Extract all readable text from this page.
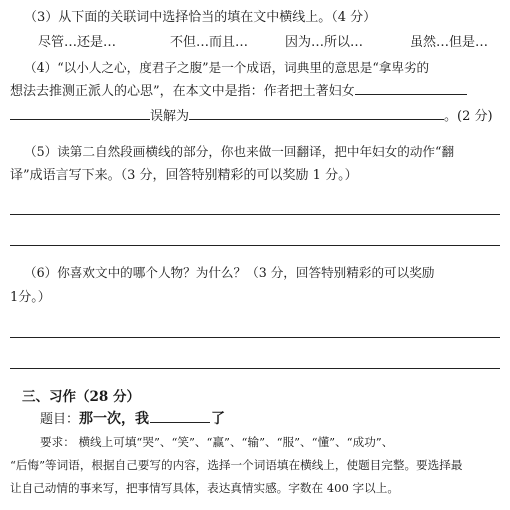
（3）从下面的关联词中选择恰当的填在文中横线上。（4 分）
尽管…还是…	不但…而且…	因为…所以…	虽然…但是…
（4）“以小人之心，度君子之腹”是一个成语，词典里的意思是“拿卑劣的
想法去推测正派人的心思”，在本文中是指：作者把土著妇女
误解为	。(2 分)
（5）读第二自然段画横线的部分，你也来做一回翻译，把中年妇女的动作“翻
译”成语言写下来。（3 分，回答特别精彩的可以奖励 1 分。）
（6）你喜欢文中的哪个人物？为什么？（3 分，回答特别精彩的可以奖励
1分。）
三、习作（28 分）
题目：那一次，我	了
要求： 横线上可填“哭”、“笑”、“赢”、“输”、“服”、“懂”、“成功”、
“后悔”等词语，根据自己要写的内容，选择一个词语填在横线上，使题目完整。要选择最
让自己动情的事来写，把事情写具体，表达真情实感。字数在 400 字以上。
